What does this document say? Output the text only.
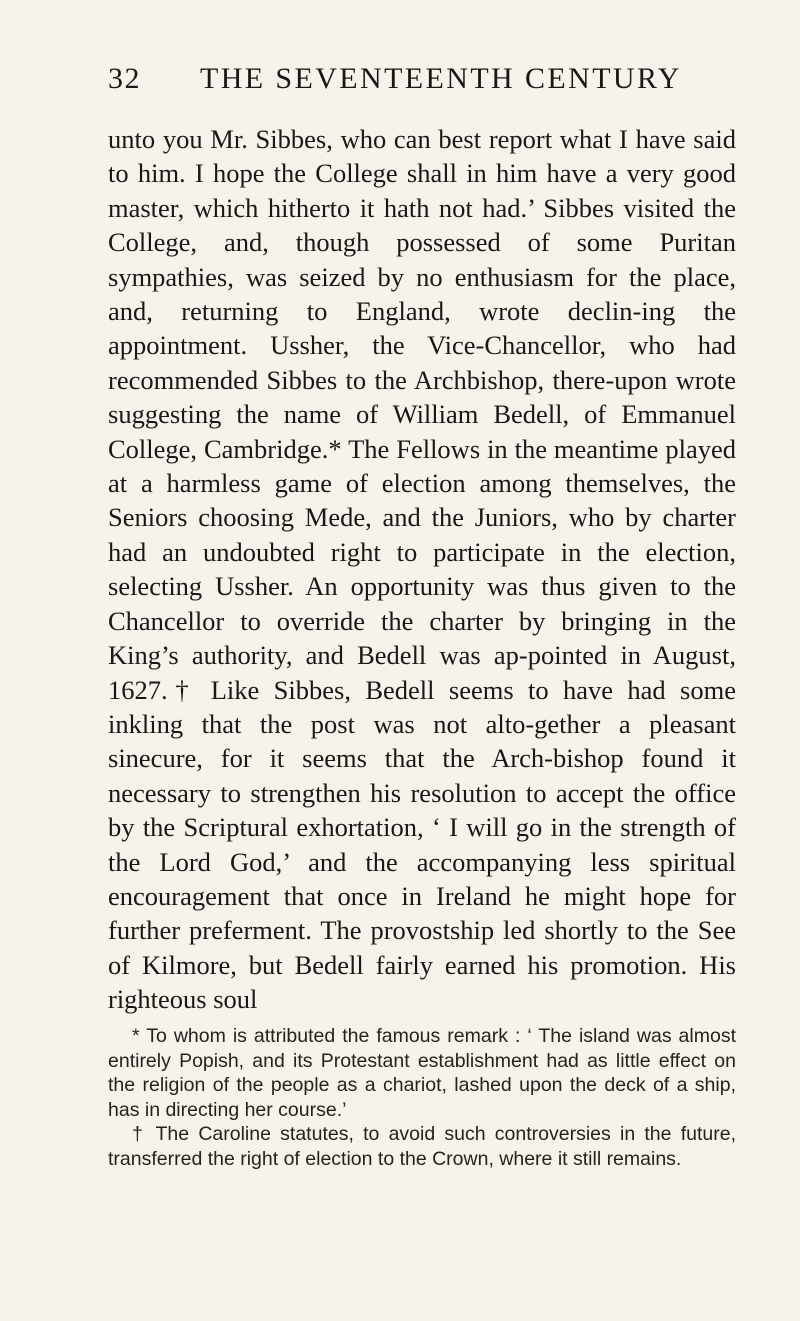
32 THE SEVENTEENTH CENTURY

unto you Mr. Sibbes, who can best report what I have said to him. I hope the College shall in him have a very good master, which hitherto it hath not had.’ Sibbes visited the College, and, though possessed of some Puritan sympathies, was seized by no enthusiasm for the place, and, returning to England, wrote declin-ing the appointment. Ussher, the Vice-Chancellor, who had recommended Sibbes to the Archbishop, there-upon wrote suggesting the name of William Bedell, of Emmanuel College, Cambridge.* The Fellows in the meantime played at a harmless game of election among themselves, the Seniors choosing Mede, and the Juniors, who by charter had an undoubted right to participate in the election, selecting Ussher. An opportunity was thus given to the Chancellor to override the charter by bringing in the King’s authority, and Bedell was ap-pointed in August, 1627.† Like Sibbes, Bedell seems to have had some inkling that the post was not alto-gether a pleasant sinecure, for it seems that the Arch-bishop found it necessary to strengthen his resolution to accept the office by the Scriptural exhortation, ‘ I will go in the strength of the Lord God,’ and the accompanying less spiritual encouragement that once in Ireland he might hope for further preferment. The provostship led shortly to the See of Kilmore, but Bedell fairly earned his promotion. His righteous soul

* To whom is attributed the famous remark : ‘ The island was almost entirely Popish, and its Protestant establishment had as little effect on the religion of the people as a chariot, lashed upon the deck of a ship, has in directing her course.’

† The Caroline statutes, to avoid such controversies in the future, transferred the right of election to the Crown, where it still remains.
